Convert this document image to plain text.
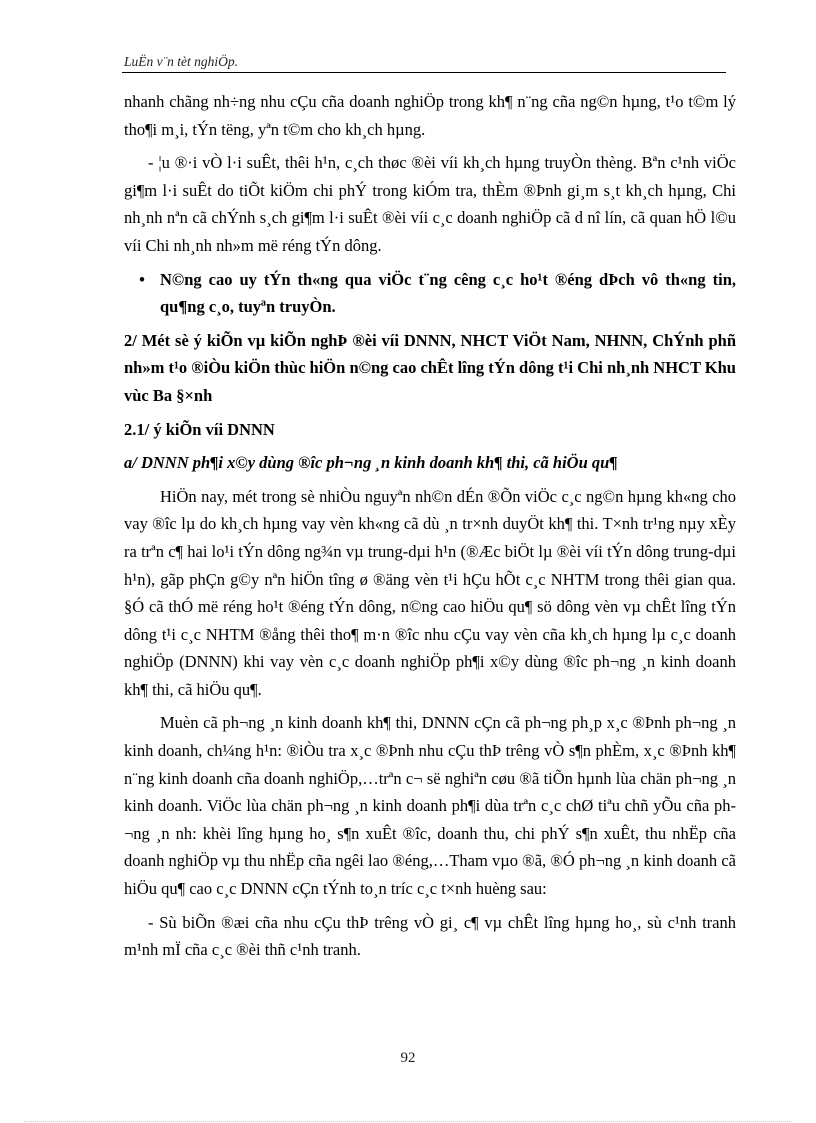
LuËn v¨n tèt nghiÖp.

nhanh chãng nh÷ng nhu cÇu cña doanh nghiÖp trong kh¶ n¨ng cña ng©n hµng, t¹o t©m lý tho¶i m¸i, tÝn tëng, yªn t©m cho kh¸ch hµng.

- ¦u ®·i vÒ l·i suÊt, thêi h¹n, c¸ch thøc ®èi víi kh¸ch hµng truyÒn thèng. Bªn c¹nh viÖc gi¶m l·i suÊt do tiÕt kiÖm chi phÝ trong kiÓm tra, thÈm ®Þnh gi¸m s¸t kh¸ch hµng, Chi nh¸nh nªn cã chÝnh s¸ch gi¶m l·i suÊt ®èi víi c¸c doanh nghiÖp cã d nî lín, cã quan hÖ l©u víi Chi nh¸nh nh»m më réng tÝn dông.

• N©ng cao uy tÝn th«ng qua viÖc t¨ng cêng c¸c ho¹t ®éng dÞch vô th«ng tin, qu¶ng c¸o, tuyªn truyÒn.

2/ Mét sè ý kiÕn vµ kiÕn nghÞ ®èi víi DNNN, NHCT ViÖt Nam, NHNN, ChÝnh phñ nh»m t¹o ®iÒu kiÖn thùc hiÖn n©ng cao chÊt lîng tÝn dông t¹i Chi nh¸nh NHCT Khu vùc Ba §×nh

2.1/ ý kiÕn víi DNNN

a/ DNNN ph¶i x©y dùng ®îc ph¬ng ¸n kinh doanh kh¶ thi, cã hiÖu qu¶

HiÖn nay, mét trong sè nhiÒu nguyªn nh©n dÉn ®Õn viÖc c¸c ng©n hµng kh«ng cho vay ®îc lµ do kh¸ch hµng vay vèn kh«ng cã dù ¸n tr×nh duyÖt kh¶ thi. T×nh tr¹ng nµy xÈy ra trªn c¶ hai lo¹i tÝn dông ng¾n vµ trung-dµi h¹n (®Æc biÖt lµ ®èi víi tÝn dông trung-dµi h¹n), gãp phÇn g©y nªn hiÖn tîng ø ®äng vèn t¹i hÇu hÕt c¸c NHTM trong thêi gian qua. §Ó cã thÓ më réng ho¹t ®éng tÝn dông, n©ng cao hiÖu qu¶ sö dông vèn vµ chÊt lîng tÝn dông t¹i c¸c NHTM ®ång thêi tho¶ m·n ®îc nhu cÇu vay vèn cña kh¸ch hµng lµ c¸c doanh nghiÖp (DNNN) khi vay vèn c¸c doanh nghiÖp ph¶i x©y dùng ®îc ph¬ng ¸n kinh doanh kh¶ thi, cã hiÖu qu¶.

Muèn cã ph¬ng ¸n kinh doanh kh¶ thi, DNNN cÇn cã ph¬ng ph¸p x¸c ®Þnh ph¬ng ¸n kinh doanh, ch¼ng h¹n: ®iÒu tra x¸c ®Þnh nhu cÇu thÞ trêng vÒ s¶n phÈm, x¸c ®Þnh kh¶ n¨ng kinh doanh cña doanh nghiÖp,…trªn c¬ së nghiªn cøu ®ã tiÕn hµnh lùa chän ph¬ng ¸n kinh doanh. ViÖc lùa chän ph¬ng ¸n kinh doanh ph¶i dùa trªn c¸c chØ tiªu chñ yÕu cña ph¬ng ¸n nh: khèi lîng hµng ho¸ s¶n xuÊt ®îc, doanh thu, chi phÝ s¶n xuÊt, thu nhËp cña doanh nghiÖp vµ thu nhËp cña ngêi lao ®éng,…Tham vµo ®ã, ®Ó ph¬ng ¸n kinh doanh cã hiÖu qu¶ cao c¸c DNNN cÇn tÝnh to¸n tríc c¸c t×nh huèng sau:

- Sù biÕn ®æi cña nhu cÇu thÞ trêng vÒ gi¸ c¶ vµ chÊt lîng hµng ho¸, sù c¹nh tranh m¹nh mÏ cña c¸c ®èi thñ c¹nh tranh.

92
